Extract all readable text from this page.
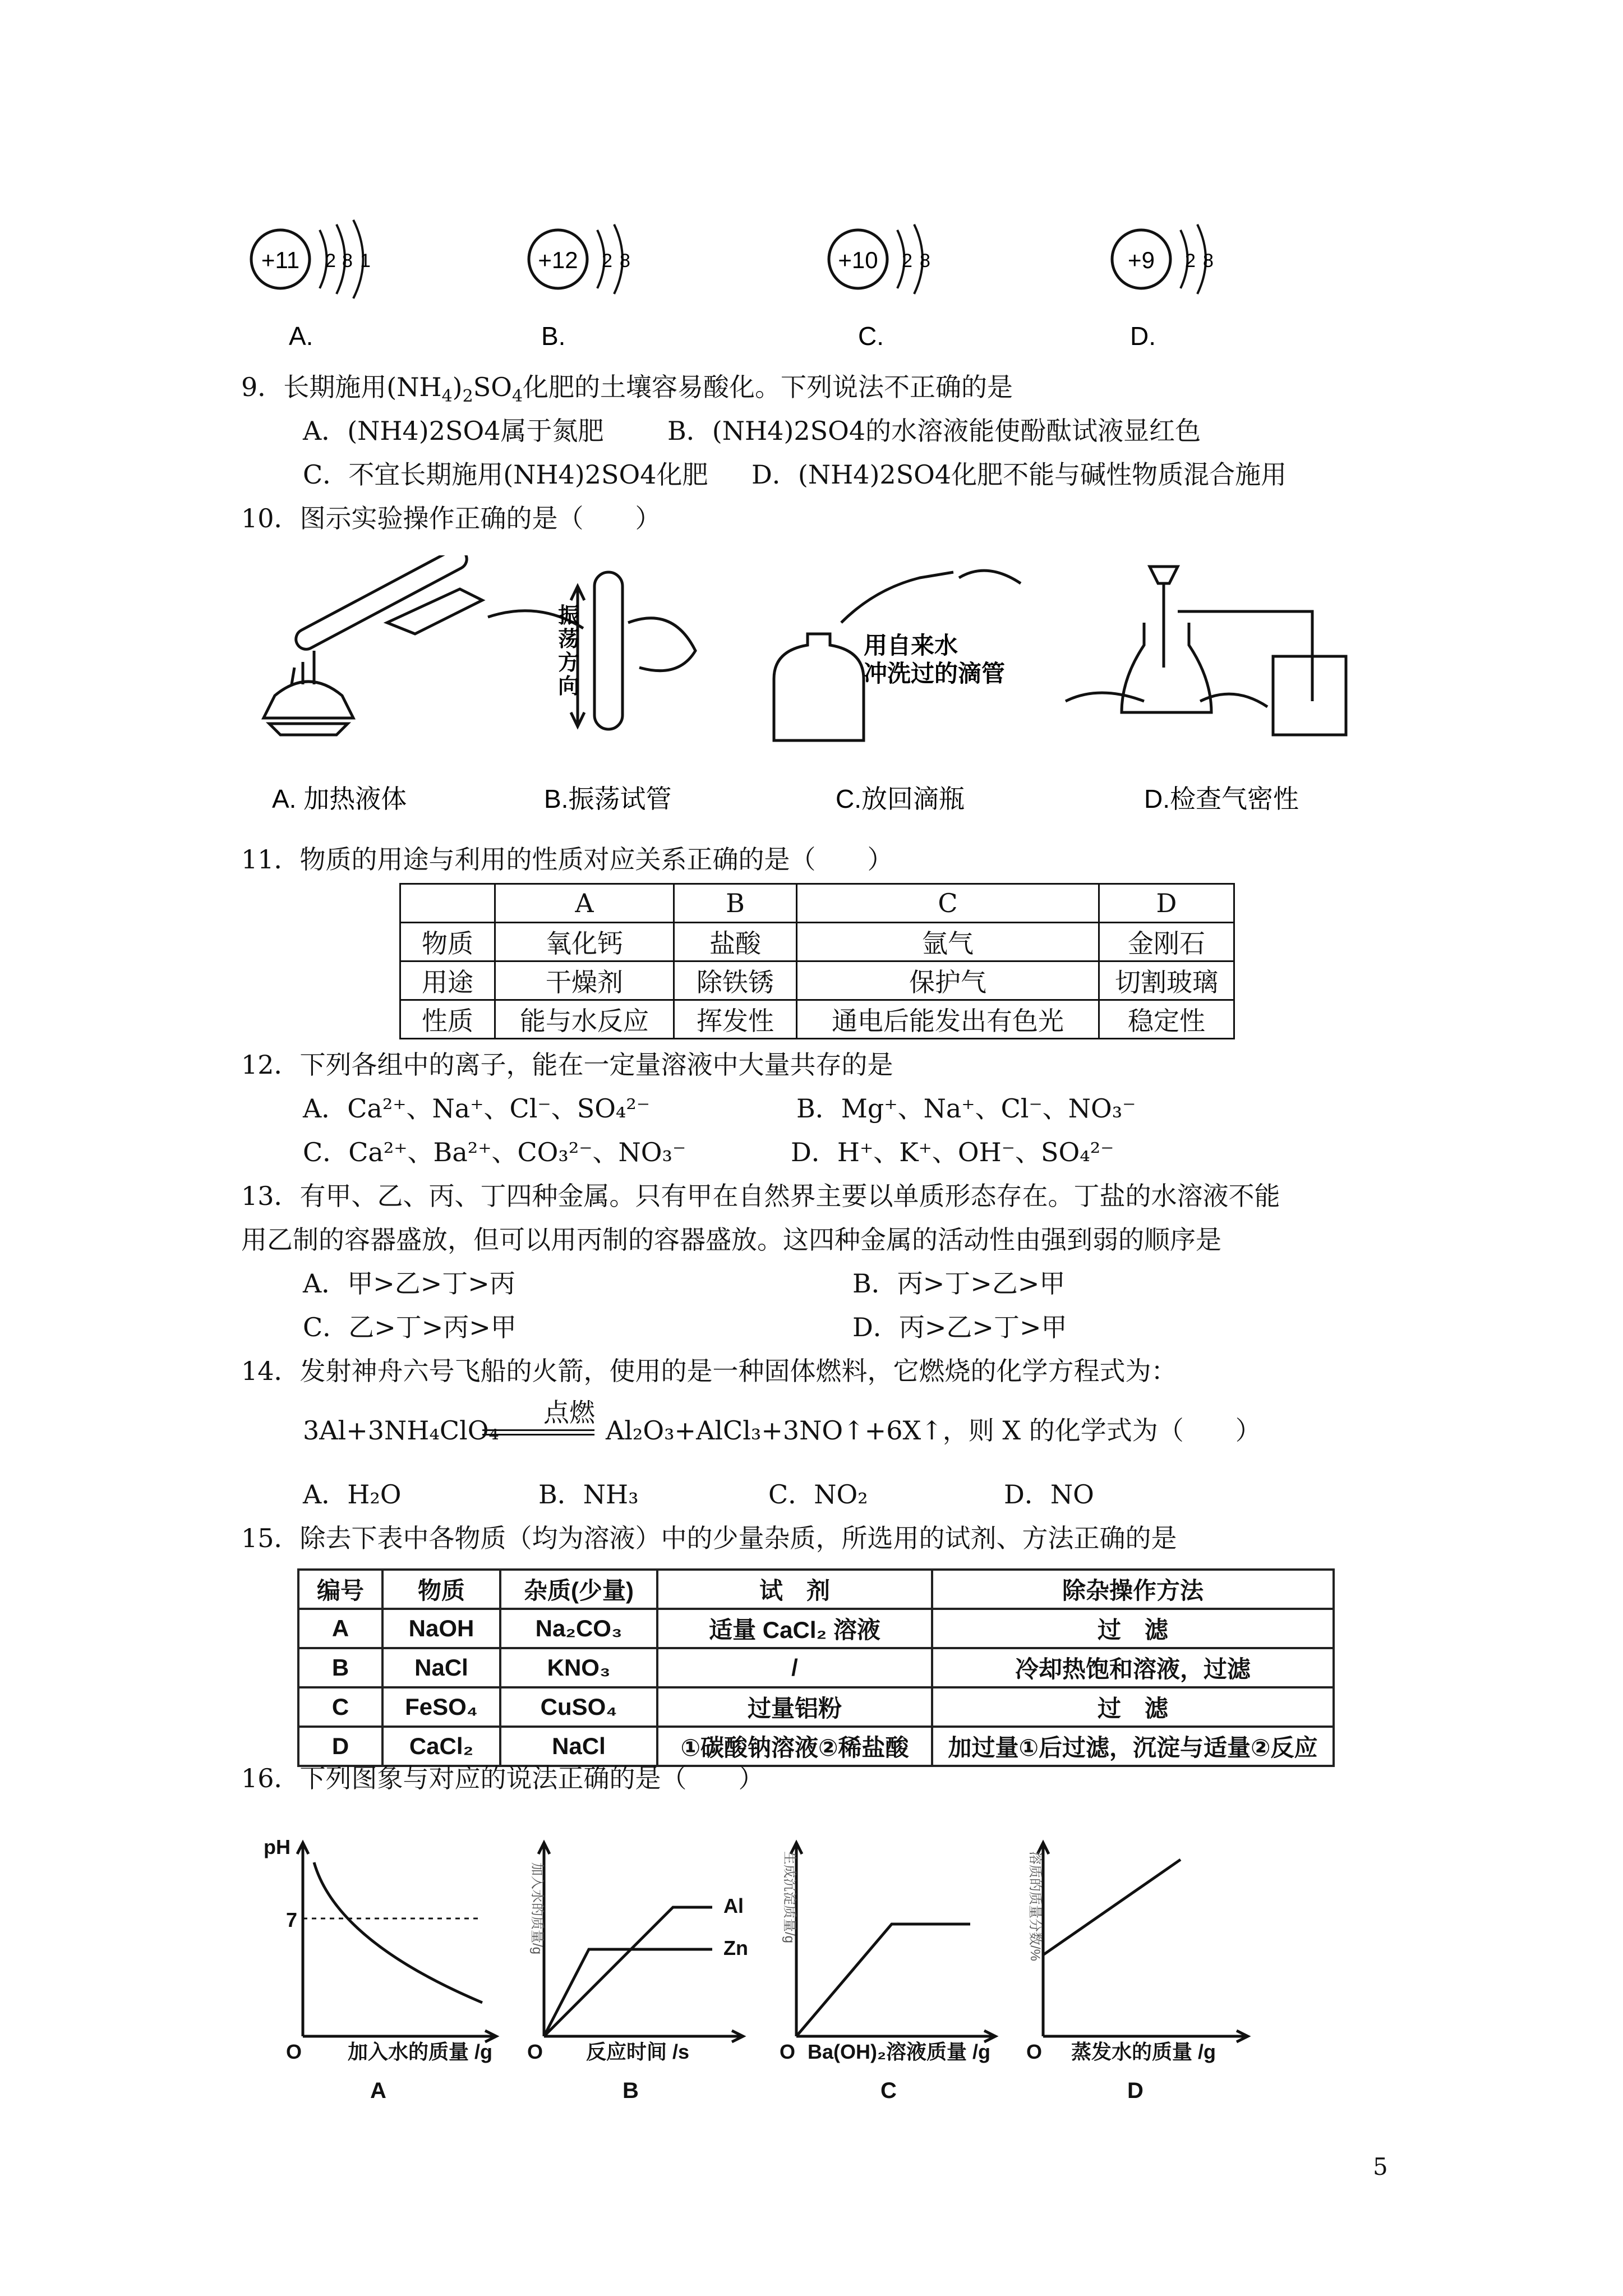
+11 2 8 1	+12 2 8	+10 2 8	+9 2 8
A.	B.	C.	D.
9．长期施用$(NH_4)_2SO_4$化肥的土壤容易酸化。下列说法不正确的是
A．(NH4)2SO4属于氮肥 B．(NH4)2SO4的水溶液能使酚酞试液显红色
C．不宜长期施用(NH4)2SO4化肥 D．(NH4)2SO4化肥不能与碱性物质混合施用
10．图示实验操作正确的是（　　）
振荡方向
用自来水
冲洗过的滴管
A. 加热液体	B.振荡试管	C.放回滴瓶	D.检查气密性
11．物质的用途与利用的性质对应关系正确的是（　　）
	A	B	C	D
物质	氧化钙	盐酸	氩气	金刚石
用途	干燥剂	除铁锈	保护气	切割玻璃
性质	能与水反应	挥发性	通电后能发出有色光	稳定性
12．下列各组中的离子，能在一定量溶液中大量共存的是
A．Ca²⁺、Na⁺、Cl⁻、SO₄²⁻	B．Mg⁺、Na⁺、Cl⁻、NO₃⁻
C．Ca²⁺、Ba²⁺、CO₃²⁻、NO₃⁻	D．H⁺、K⁺、OH⁻、SO₄²⁻
13．有甲、乙、丙、丁四种金属。只有甲在自然界主要以单质形态存在。丁盐的水溶液不能
用乙制的容器盛放，但可以用丙制的容器盛放。这四种金属的活动性由强到弱的顺序是
A．甲>乙>丁>丙	B．丙>丁>乙>甲
C．乙>丁>丙>甲	D．丙>乙>丁>甲
14．发射神舟六号飞船的火箭，使用的是一种固体燃料，它燃烧的化学方程式为：
3Al+3NH₄ClO₄
点燃
Al₂O₃+AlCl₃+3NO↑+6X↑，则 X 的化学式为（　　）
A．H₂O	B．NH₃	C．NO₂	D．NO
15．除去下表中各物质（均为溶液）中的少量杂质，所选用的试剂、方法正确的是
编号	物质	杂质(少量)	试　剂	除杂操作方法
A	NaOH	Na₂CO₃	适量 CaCl₂ 溶液	过　滤
B	NaCl	KNO₃	/	冷却热饱和溶液，过滤
C	FeSO₄	CuSO₄	过量铝粉	过　滤
D	CaCl₂	NaCl	①碳酸钠溶液②稀盐酸	加过量①后过滤，沉淀与适量②反应
16．下列图象与对应的说法正确的是（　　）
pH
7
O 加入水的质量 /g O 反应时间 /s
Al
Zn
O Ba(OH)₂溶液质量 /g O 蒸发水的质量 /g
加入水的质量/g	生成沉淀质量/g	溶质的质量分数/%
A	B	C	D
5
